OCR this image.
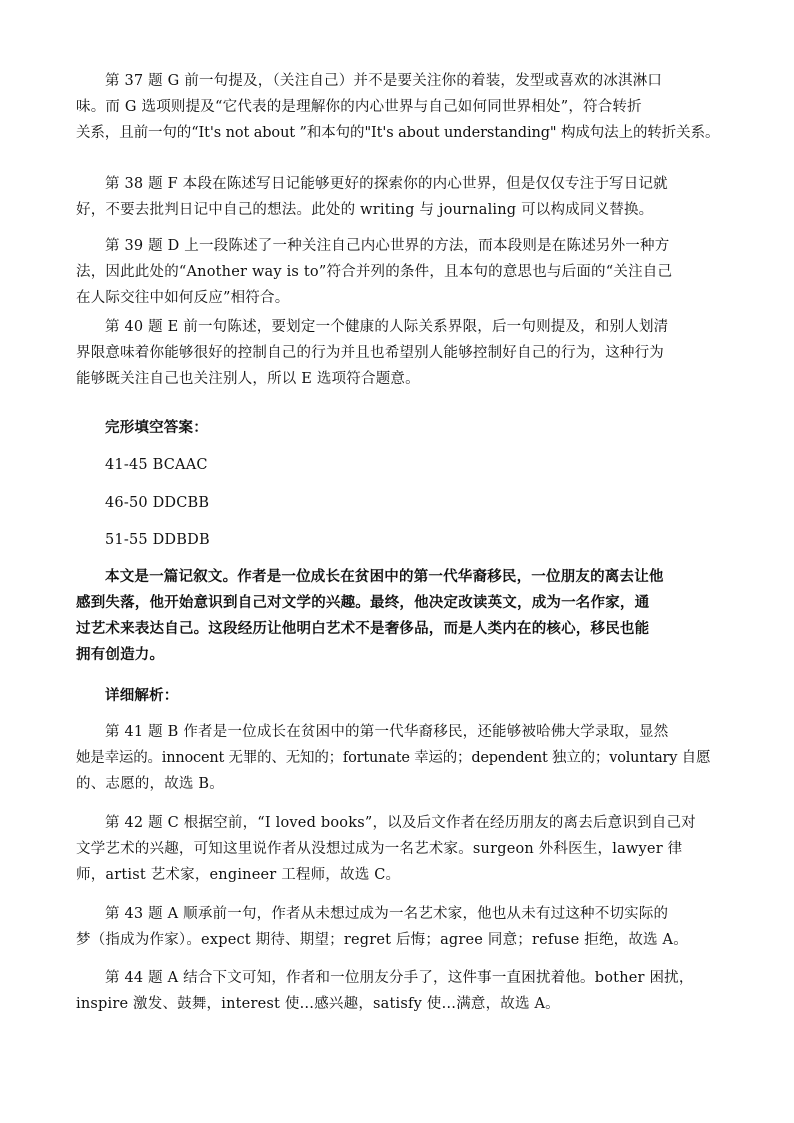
第 37 题 G 前一句提及，（关注自己）并不是要关注你的着装，发型或喜欢的冰淇淋口
味。而 G 选项则提及“它代表的是理解你的内心世界与自己如何同世界相处”，符合转折
关系，且前一句的“It's not about ”和本句的"It's about understanding" 构成句法上的转折关系。
第 38 题 F 本段在陈述写日记能够更好的探索你的内心世界，但是仅仅专注于写日记就
好，不要去批判日记中自己的想法。此处的 writing 与 journaling 可以构成同义替换。
第 39 题 D 上一段陈述了一种关注自己内心世界的方法，而本段则是在陈述另外一种方
法，因此此处的“Another way is to”符合并列的条件，且本句的意思也与后面的“关注自己
在人际交往中如何反应”相符合。
第 40 题 E 前一句陈述，要划定一个健康的人际关系界限，后一句则提及，和别人划清
界限意味着你能够很好的控制自己的行为并且也希望别人能够控制好自己的行为，这种行为
能够既关注自己也关注别人，所以 E 选项符合题意。
完形填空答案：
41-45 BCAAC
46-50 DDCBB
51-55 DDBDB
本文是一篇记叙文。作者是一位成长在贫困中的第一代华裔移民，一位朋友的离去让他
感到失落，他开始意识到自己对文学的兴趣。最终，他决定改读英文，成为一名作家，通
过艺术来表达自己。这段经历让他明白艺术不是奢侈品，而是人类内在的核心，移民也能
拥有创造力。
详细解析：
第 41 题 B 作者是一位成长在贫困中的第一代华裔移民，还能够被哈佛大学录取，显然
她是幸运的。innocent 无罪的、无知的；fortunate 幸运的；dependent 独立的；voluntary 自愿
的、志愿的，故选 B。
第 42 题 C 根据空前，“I loved books”，以及后文作者在经历朋友的离去后意识到自己对
文学艺术的兴趣，可知这里说作者从没想过成为一名艺术家。surgeon 外科医生，lawyer 律
师，artist 艺术家，engineer 工程师，故选 C。
第 43 题 A 顺承前一句，作者从未想过成为一名艺术家，他也从未有过这种不切实际的
梦（指成为作家）。expect 期待、期望；regret 后悔；agree 同意；refuse 拒绝，故选 A。
第 44 题 A 结合下文可知，作者和一位朋友分手了，这件事一直困扰着他。bother 困扰，
inspire 激发、鼓舞，interest 使…感兴趣，satisfy 使…满意，故选 A。
